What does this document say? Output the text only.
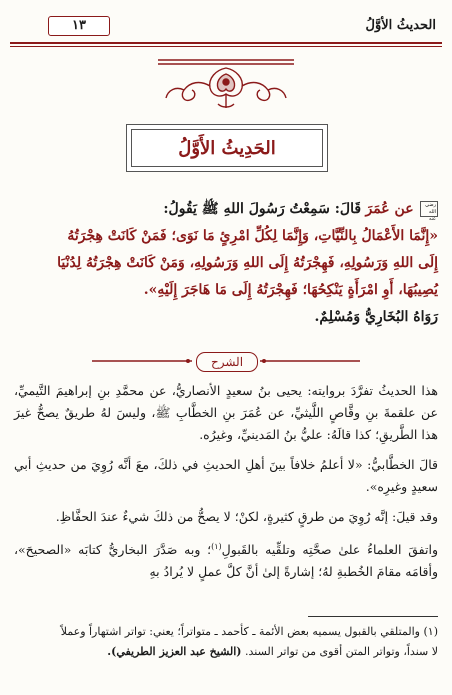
الحديثُ الأوَّلُ
١٣
الحَدِيثُ الأَوَّلُ
رضي الله عنه عن عُمَرَ قَالَ: سَمِعْتُ رَسُولَ اللهِ ﷺ يَقُولُ:
«إِنَّمَا الأَعْمَالُ بِالنِّيَّاتِ، وَإِنَّمَا لِكُلِّ امْرِئٍ مَا نَوَى؛ فَمَنْ كَانَتْ هِجْرَتُهُ
إِلَى اللهِ وَرَسُولِهِ، فَهِجْرَتُهُ إِلَى اللهِ وَرَسُولِهِ، وَمَنْ كَانَتْ هِجْرَتُهُ لِدُنْيَا
يُصِيبُهَا، أَوِ امْرَأَةٍ يَنْكِحُهَا؛ فَهِجْرَتُهُ إِلَى مَا هَاجَرَ إِلَيْهِ».
رَوَاهُ البُخَارِيُّ وَمُسْلِمٌ.
الشرح

هذا الحديثُ تفرَّدَ بروايته: يحيى بنُ سعيدٍ الأنصاريُّ، عن محمَّدِ بنِ إبراهيمَ التَّيميِّ، عن علقمةَ بنِ وقَّاصٍ اللَّيثيِّ، عن عُمَرَ بنِ الخطَّابِ ﷺ، وليسَ لهُ طريقٌ يصحُّ غيرَ هذا الطَّريقِ؛ كذا قالَهُ: عليُّ بنُ المَدينيِّ، وغيرُه.

قالَ الخطَّابيُّ: «لا أعلمُ خلافاً بينَ أهلِ الحديثِ في ذلكَ، معَ أنَّه رُوِيَ من حديثِ أبي سعيدٍ وغيرِه».

وقد قيلَ: إنَّه رُوِيَ من طرقٍ كثيرةٍ، لكنْ؛ لا يصحُّ من ذلكَ شيءٌ عندَ الحفَّاظِ.

واتفقَ العلماءُ علىٰ صحَّتِه وتلقِّيه بالقَبولِ$^{(١)}$؛ وبه صَدَّرَ البخاريُّ كتابَه «الصحيحَ»، وأقامَه مقامَ الخُطبةِ لهُ؛ إشارةً إلىٰ أنَّ كلَّ عملٍ لا يُرادُ بهِ

(١) والمتلقي بالقبول يسميه بعض الأئمة ـ كأحمد ـ متواتراً؛ يعني: تواتر اشتهاراً وعملاً
لا سنداً، وتواتر المتن أقوى من تواتر السند. (الشيخ عبد العزيز الطريفي).
